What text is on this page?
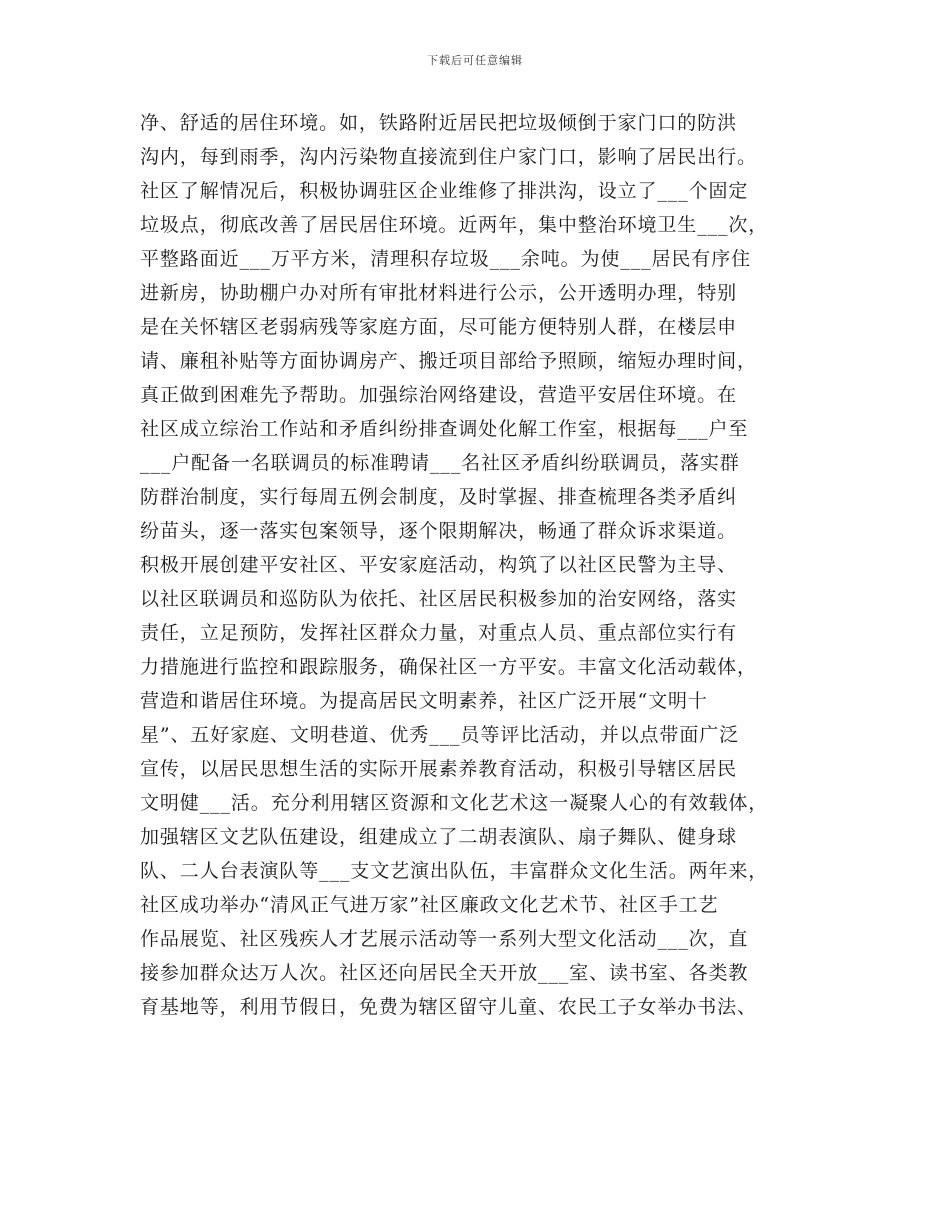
下载后可任意编辑
净、舒适的居住环境。如，铁路附近居民把垃圾倾倒于家门口的防洪
沟内，每到雨季，沟内污染物直接流到住户家门口，影响了居民出行。
社区了解情况后，积极协调驻区企业维修了排洪沟，设立了___个固定
垃圾点，彻底改善了居民居住环境。近两年，集中整治环境卫生___次，
平整路面近___万平方米，清理积存垃圾___余吨。为使___居民有序住
进新房，协助棚户办对所有审批材料进行公示，公开透明办理，特别
是在关怀辖区老弱病残等家庭方面，尽可能方便特别人群，在楼层申
请、廉租补贴等方面协调房产、搬迁项目部给予照顾，缩短办理时间，
真正做到困难先予帮助。加强综治网络建设，营造平安居住环境。在
社区成立综治工作站和矛盾纠纷排查调处化解工作室，根据每___户至
___户配备一名联调员的标准聘请___名社区矛盾纠纷联调员，落实群
防群治制度，实行每周五例会制度，及时掌握、排查梳理各类矛盾纠
纷苗头，逐一落实包案领导，逐个限期解决，畅通了群众诉求渠道。
积极开展创建平安社区、平安家庭活动，构筑了以社区民警为主导、
以社区联调员和巡防队为依托、社区居民积极参加的治安网络，落实
责任，立足预防，发挥社区群众力量，对重点人员、重点部位实行有
力措施进行监控和跟踪服务，确保社区一方平安。丰富文化活动载体，
营造和谐居住环境。为提高居民文明素养，社区广泛开展“文明十
星”、五好家庭、文明巷道、优秀___员等评比活动，并以点带面广泛
宣传，以居民思想生活的实际开展素养教育活动，积极引导辖区居民
文明健___活。充分利用辖区资源和文化艺术这一凝聚人心的有效载体，
加强辖区文艺队伍建设，组建成立了二胡表演队、扇子舞队、健身球
队、二人台表演队等___支文艺演出队伍，丰富群众文化生活。两年来，
社区成功举办“清风正气进万家”社区廉政文化艺术节、社区手工艺
作品展览、社区残疾人才艺展示活动等一系列大型文化活动___次，直
接参加群众达万人次。社区还向居民全天开放___室、读书室、各类教
育基地等，利用节假日，免费为辖区留守儿童、农民工子女举办书法、
